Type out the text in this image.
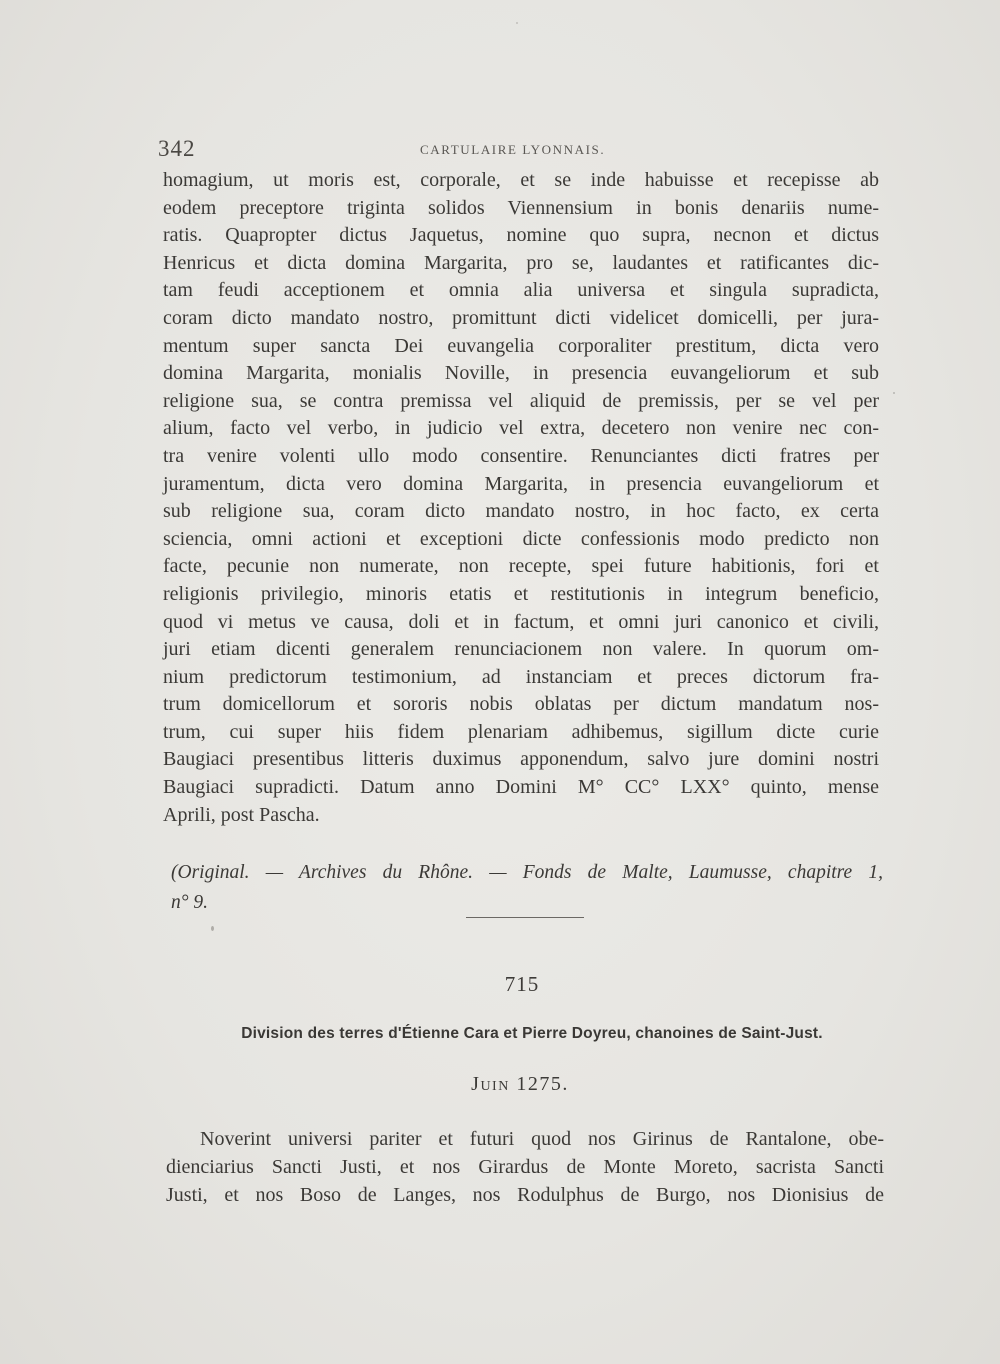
342	CARTULAIRE LYONNAIS.
homagium, ut moris est, corporale, et se inde habuisse et recepisse ab
eodem preceptore triginta solidos Viennensium in bonis denariis nume-
ratis. Quapropter dictus Jaquetus, nomine quo supra, necnon et dictus
Henricus et dicta domina Margarita, pro se, laudantes et ratificantes dic-
tam feudi acceptionem et omnia alia universa et singula supradicta,
coram dicto mandato nostro, promittunt dicti videlicet domicelli, per jura-
mentum super sancta Dei euvangelia corporaliter prestitum, dicta vero
domina Margarita, monialis Noville, in presencia euvangeliorum et sub
religione sua, se contra premissa vel aliquid de premissis, per se vel per
alium, facto vel verbo, in judicio vel extra, decetero non venire nec con-
tra venire volenti ullo modo consentire. Renunciantes dicti fratres per
juramentum, dicta vero domina Margarita, in presencia euvangeliorum et
sub religione sua, coram dicto mandato nostro, in hoc facto, ex certa
sciencia, omni actioni et exceptioni dicte confessionis modo predicto non
facte, pecunie non numerate, non recepte, spei future habitionis, fori et
religionis privilegio, minoris etatis et restitutionis in integrum beneficio,
quod vi metus ve causa, doli et in factum, et omni juri canonico et civili,
juri etiam dicenti generalem renunciacionem non valere. In quorum om-
nium predictorum testimonium, ad instanciam et preces dictorum fra-
trum domicellorum et sororis nobis oblatas per dictum mandatum nos-
trum, cui super hiis fidem plenariam adhibemus, sigillum dicte curie
Baugiaci presentibus litteris duximus apponendum, salvo jure domini nostri
Baugiaci supradicti. Datum anno Domini M° CC° LXX° quinto, mense
Aprili, post Pascha.
(Original. — Archives du Rhône. — Fonds de Malte, Laumusse, chapitre 1,
n° 9.
715
Division des terres d'Étienne Cara et Pierre Doyreu, chanoines de Saint-Just.
Juin 1275.
Noverint universi pariter et futuri quod nos Girinus de Rantalone, obe-
dienciarius Sancti Justi, et nos Girardus de Monte Moreto, sacrista Sancti
Justi, et nos Boso de Langes, nos Rodulphus de Burgo, nos Dionisius de
